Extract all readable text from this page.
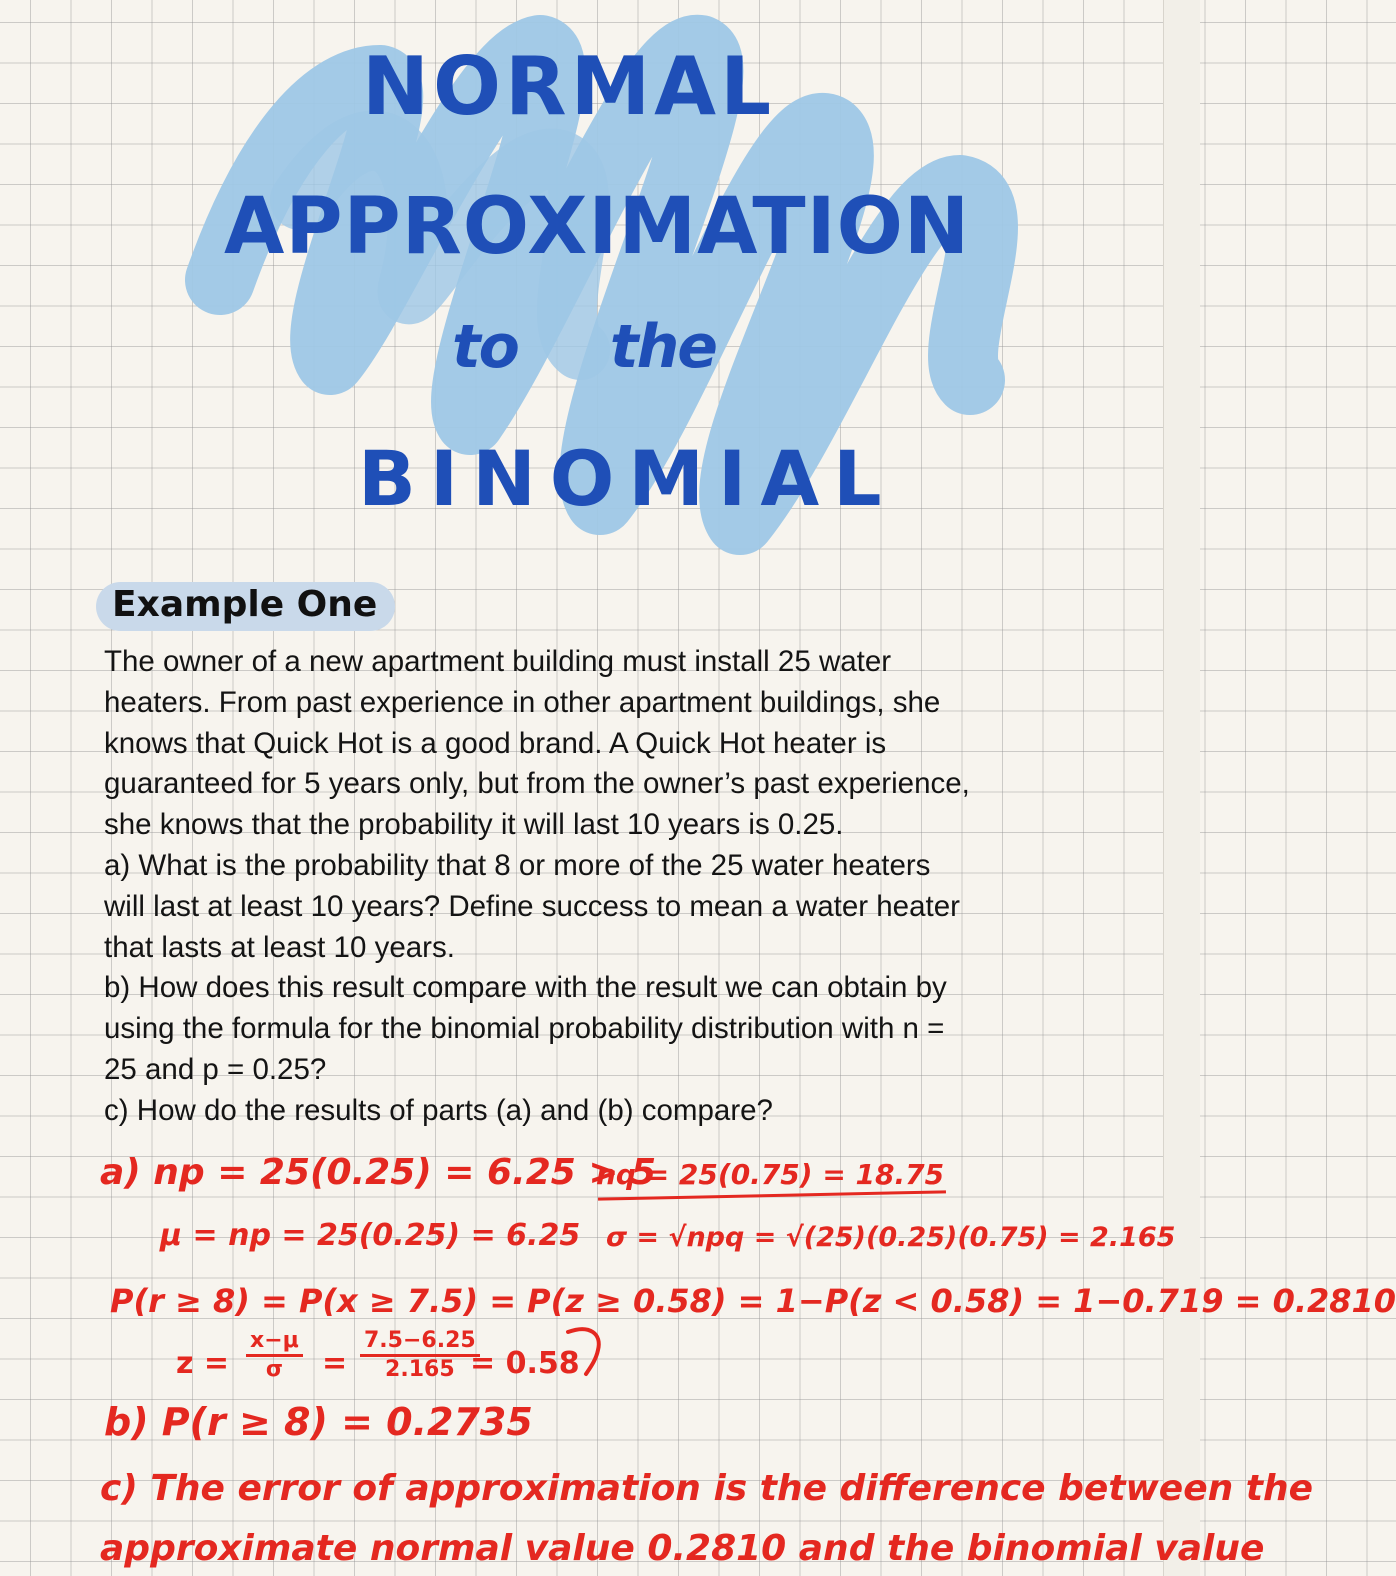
NORMAL
APPROXIMATION
to the
BINOMIAL
Example One
The owner of a new apartment building must install 25 water
heaters. From past experience in other apartment buildings, she
knows that Quick Hot is a good brand. A Quick Hot heater is
guaranteed for 5 years only, but from the owner’s past experience,
she knows that the probability it will last 10 years is 0.25.
a) What is the probability that 8 or more of the 25 water heaters
will last at least 10 years? Define success to mean a water heater
that lasts at least 10 years.
b) How does this result compare with the result we can obtain by
using the formula for the binomial probability distribution with n =
25 and p = 0.25?
c) How do the results of parts (a) and (b) compare?
a) np = 25(0.25) = 6.25 > 5
nq = 25(0.75) = 18.75
μ = np = 25(0.25) = 6.25 σ = √npq = √(25)(0.25)(0.75) = 2.165
P(r ≥ 8) = P(x ≥ 7.5) = P(z ≥ 0.58) = 1−P(z < 0.58) = 1−0.719 = 0.2810
$z = \frac{x-\mu}{\sigma} = \frac{7.5-6.25}{2.165}$
= 0.58
b) P(r ≥ 8) = 0.2735
c) The error of approximation is the difference between the
approximate normal value 0.2810 and the binomial value
